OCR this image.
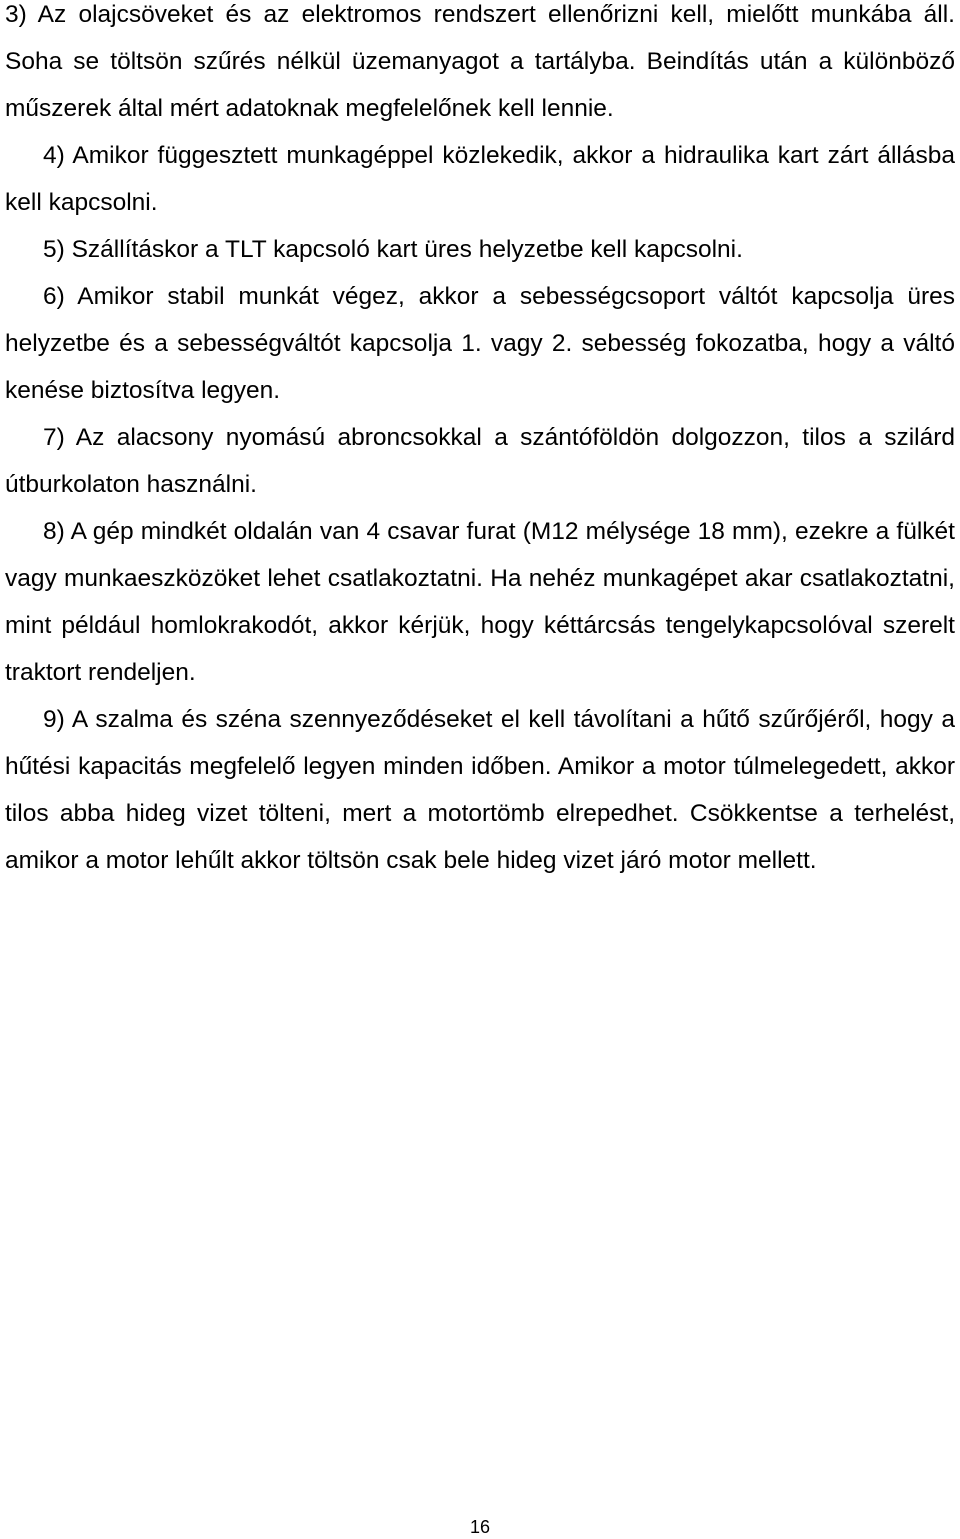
3) Az olajcsöveket és az elektromos rendszert ellenőrizni kell, mielőtt munkába áll. Soha se töltsön szűrés nélkül üzemanyagot a tartályba. Beindítás után a különböző műszerek által mért adatoknak megfelelőnek kell lennie.

4) Amikor függesztett munkagéppel közlekedik, akkor a hidraulika kart zárt állásba kell kapcsolni.

5) Szállításkor a TLT kapcsoló kart üres helyzetbe kell kapcsolni.

6) Amikor stabil munkát végez, akkor a sebességcsoport váltót kapcsolja üres helyzetbe és a sebességváltót kapcsolja 1. vagy 2. sebesség fokozatba, hogy a váltó kenése biztosítva legyen.

7) Az alacsony nyomású abroncsokkal a szántóföldön dolgozzon, tilos a szilárd útburkolaton használni.

8) A gép mindkét oldalán van 4 csavar furat (M12 mélysége 18 mm), ezekre a fülkét vagy munkaeszközöket lehet csatlakoztatni. Ha nehéz munkagépet akar csatlakoztatni, mint például homlokrakodót, akkor kérjük, hogy kéttárcsás tengelykapcsolóval szerelt traktort rendeljen.

9) A szalma és széna szennyeződéseket el kell távolítani a hűtő szűrőjéről, hogy a hűtési kapacitás megfelelő legyen minden időben. Amikor a motor túlmelegedett, akkor tilos abba hideg vizet tölteni, mert a motortömb elrepedhet. Csökkentse a terhelést, amikor a motor lehűlt akkor töltsön csak bele hideg vizet járó motor mellett.

16
